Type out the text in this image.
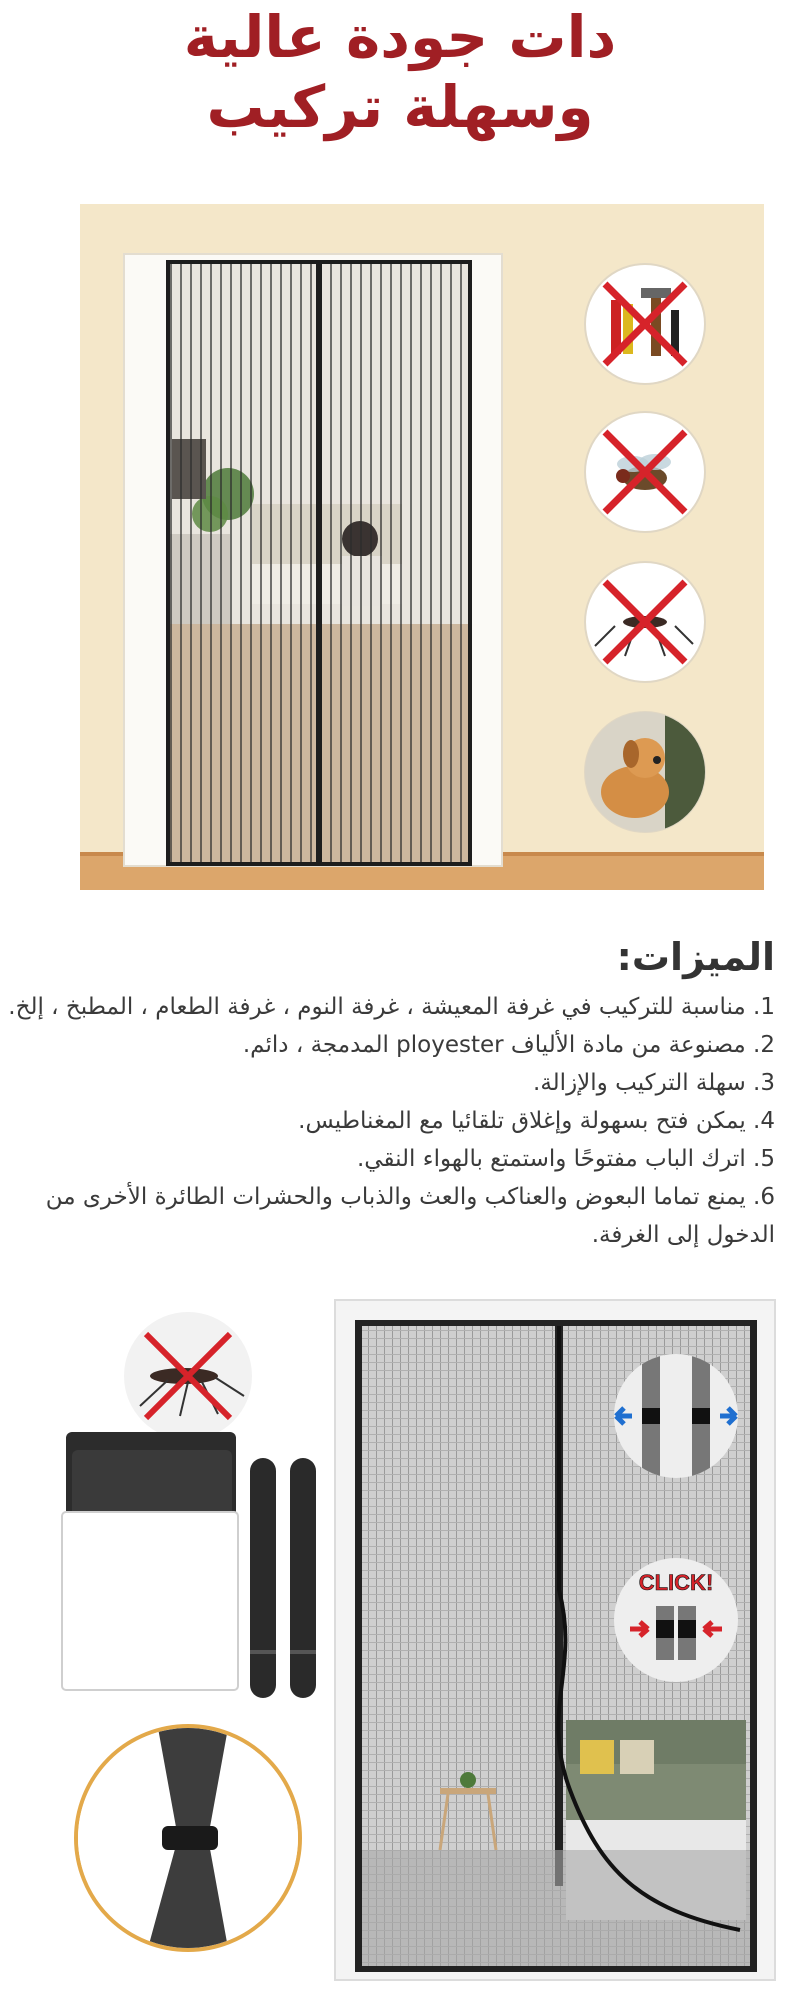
دات جودة عالية
وسهلة تركيب
الميزات:
1. مناسبة للتركيب في غرفة المعيشة ، غرفة النوم ، غرفة الطعام ، المطبخ ، إلخ.
2. مصنوعة من مادة الألياف ployester المدمجة ، دائم.
3. سهلة التركيب والإزالة.
4. يمكن فتح بسهولة وإغلاق تلقائيا مع المغناطيس.
5. اترك الباب مفتوحًا واستمتع بالهواء النقي.
6. يمنع تماما البعوض والعناكب والعث والذباب والحشرات الطائرة الأخرى من الدخول إلى الغرفة.
CLICK!
